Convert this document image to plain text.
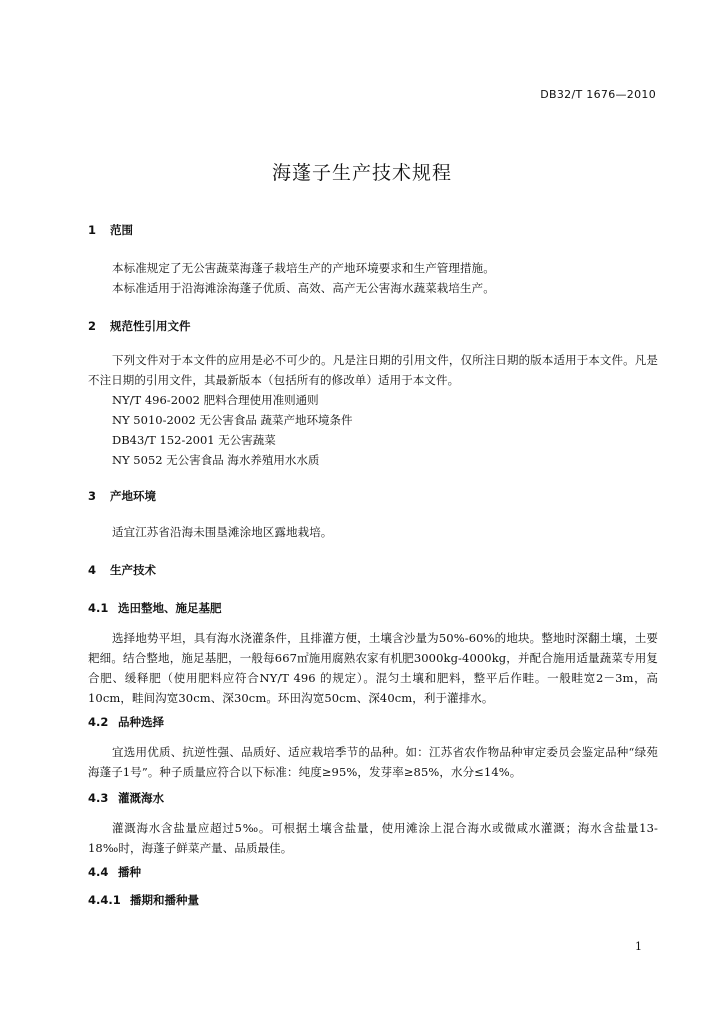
DB32/T 1676—2010
海蓬子生产技术规程
1 范围
本标准规定了无公害蔬菜海蓬子栽培生产的产地环境要求和生产管理措施。
本标准适用于沿海滩涂海蓬子优质、高效、高产无公害海水蔬菜栽培生产。
2 规范性引用文件
下列文件对于本文件的应用是必不可少的。凡是注日期的引用文件，仅所注日期的版本适用于本文件。凡是不注日期的引用文件，其最新版本（包括所有的修改单）适用于本文件。
NY/T 496-2002 肥料合理使用准则通则
NY 5010-2002 无公害食品 蔬菜产地环境条件
DB43/T 152-2001 无公害蔬菜
NY 5052 无公害食品 海水养殖用水水质
3 产地环境
适宜江苏省沿海未围垦滩涂地区露地栽培。
4 生产技术
4.1 选田整地、施足基肥
选择地势平坦，具有海水浇灌条件，且排灌方便，土壤含沙量为50%-60%的地块。整地时深翻土壤，土要耙细。结合整地，施足基肥，一般每667㎡施用腐熟农家有机肥3000kg-4000kg，并配合施用适量蔬菜专用复合肥、缓释肥（使用肥料应符合NY/T 496 的规定）。混匀土壤和肥料，整平后作畦。一般畦宽2－3m，高10cm，畦间沟宽30cm、深30cm。环田沟宽50cm、深40cm，利于灌排水。
4.2 品种选择
宜选用优质、抗逆性强、品质好、适应栽培季节的品种。如：江苏省农作物品种审定委员会鉴定品种“绿苑海蓬子1号”。种子质量应符合以下标准：纯度≥95%，发芽率≥85%，水分≤14%。
4.3 灌溉海水
灌溉海水含盐量应超过5‰。可根据土壤含盐量，使用滩涂上混合海水或微咸水灌溉；海水含盐量13-18‰时，海蓬子鲜菜产量、品质最佳。
4.4 播种
4.4.1 播期和播种量
1
